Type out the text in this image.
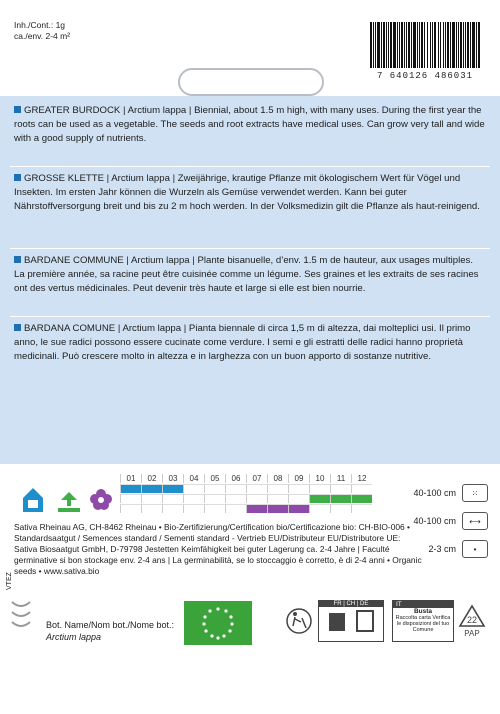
Inh./Cont.: 1g
ca./env. 2-4 m²
7 640126 486031
GREATER BURDOCK | Arctium lappa | Biennial, about 1.5 m high, with many uses. During the first year the roots can be used as a vegetable. The seeds and root extracts have medical uses. Can grow very tall and wide with a good supply of nutrients.
GROSSE KLETTE | Arctium lappa | Zweijährige, krautige Pflanze mit ökologischem Wert für Vögel und Insekten. Im ersten Jahr können die Wurzeln als Gemüse verwendet werden. Kann bei guter Nährstoffversorgung breit und bis zu 2 m hoch werden. In der Volksmedizin gilt die Pflanze als haut-reinigend.
BARDANE COMMUNE | Arctium lappa | Plante bisanuelle, d’env. 1.5 m de hauteur, aux usages multiples. La première année, sa racine peut être cuisinée comme un légume. Ses graines et les extraits de ses racines ont des vertus médicinales. Peut devenir très haute et large si elle est bien nourrie.
BARDANA COMUNE | Arctium lappa | Pianta biennale di circa 1,5 m di altezza, dai molteplici usi. Il primo anno, le sue radici possono essere cucinate come verdure. I semi e gli estratti delle radici hanno proprietà medicinali. Può crescere molto in altezza e in larghezza con un buon apporto di sostanze nutritive.
01	02	03	04	05	06	07	08	09	10	11	12
40-100 cm	⁙
40-100 cm	⟷
2-3 cm	•
Sativa Rheinau AG, CH-8462 Rheinau • Bio-Zertifizierung/Certification bio/Certificazione bio: CH-BIO-006 • Standardsaatgut / Semences standard / Sementi standard - Vertrieb EU/Distributeur EU/Distributore UE: Sativa Biosaatgut GmbH, D-79798 Jestetten Keimfähigkeit bei guter Lagerung ca. 2-4 Jahre | Faculté germinative si bon stockage env. 2-4 ans | La germinabilità, se lo stoccaggio è corretto, è di 2-4 anni • Organic seeds • www.sativa.bio
VTEZ
Bot. Name/Nom bot./Nome bot.:
Arctium lappa
FR | CH | DE	IT
Busta
Raccolta carta Verifica le disposizioni del tuo Comune
22
PAP
